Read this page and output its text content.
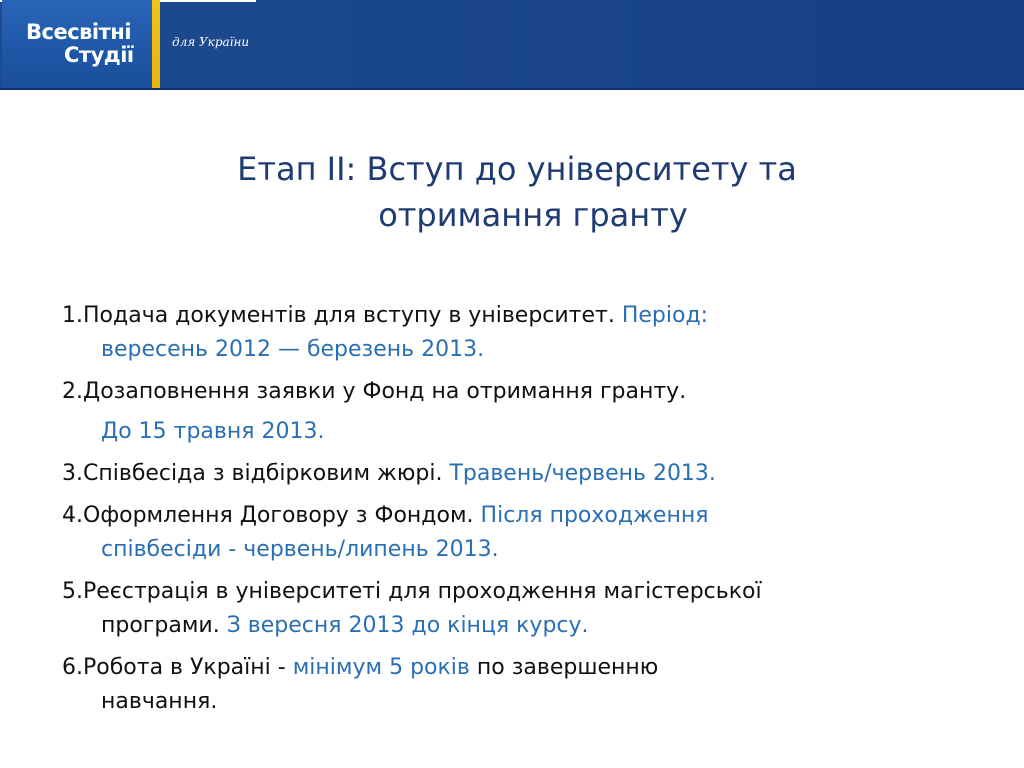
Всесвітні
Студії
для України
Етап II: Вступ до університету та
отримання гранту
1.Подача документів для вступу в університет. Період:
вересень 2012 — березень 2013.
2.Дозаповнення заявки у Фонд на отримання гранту.
До 15 травня 2013.
3.Співбесіда з відбірковим жюрі. Травень/червень 2013.
4.Оформлення Договору з Фондом. Після проходження
співбесіди - червень/липень 2013.
5.Реєстрація в університеті для проходження магістерської
програми. З вересня 2013 до кінця курсу.
6.Робота в Україні - мінімум 5 років по завершенню
навчання.
